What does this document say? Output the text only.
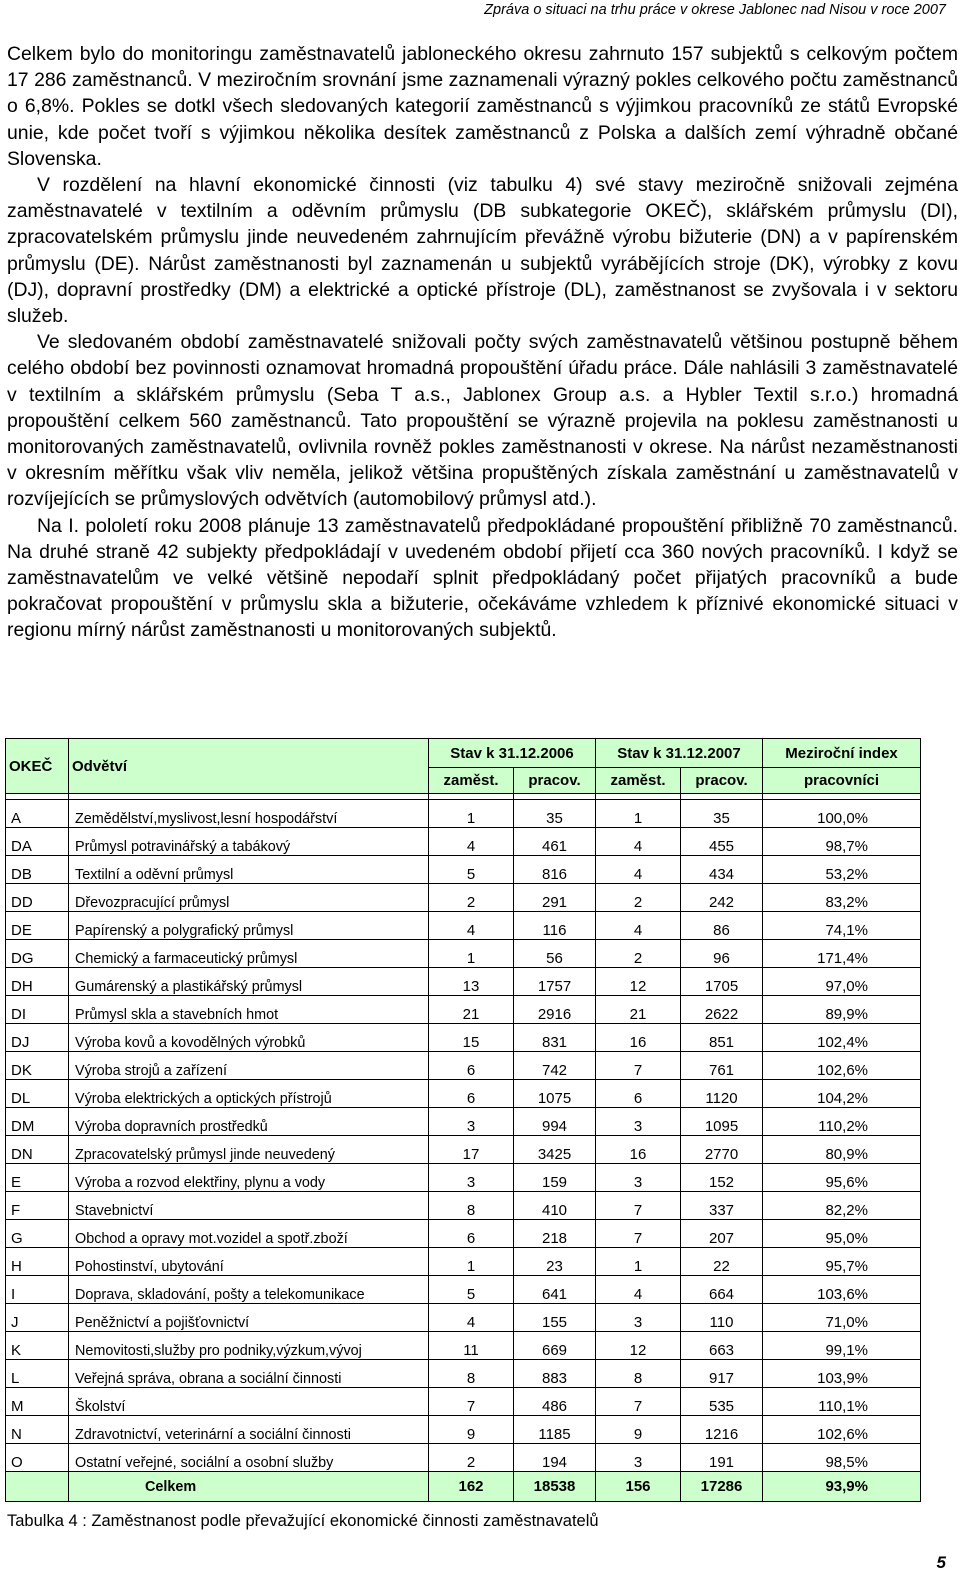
Zpráva o situaci na trhu práce v okrese Jablonec nad Nisou v roce 2007

Celkem bylo do monitoringu zaměstnavatelů jabloneckého okresu zahrnuto 157 subjektů s celkovým počtem 17 286 zaměstnanců. V meziročním srovnání jsme zaznamenali výrazný pokles celkového počtu zaměstnanců o 6,8%. Pokles se dotkl všech sledovaných kategorií zaměstnanců s výjimkou pracovníků ze států Evropské unie, kde počet tvoří s výjimkou několika desítek zaměstnanců z Polska a dalších zemí výhradně občané Slovenska.

V rozdělení na hlavní ekonomické činnosti (viz tabulku 4) své stavy meziročně snižovali zejména zaměstnavatelé v textilním a oděvním průmyslu (DB subkategorie OKEČ), sklářském průmyslu (DI), zpracovatelském průmyslu jinde neuvedeném zahrnujícím převážně výrobu bižuterie (DN) a v papírenském průmyslu (DE). Nárůst zaměstnanosti byl zaznamenán u subjektů vyrábějících stroje (DK), výrobky z kovu (DJ), dopravní prostředky (DM) a elektrické a optické přístroje (DL), zaměstnanost se zvyšovala i v sektoru služeb.

Ve sledovaném období zaměstnavatelé snižovali počty svých zaměstnavatelů většinou postupně během celého období bez povinnosti oznamovat hromadná propouštění úřadu práce. Dále nahlásili 3 zaměstnavatelé v textilním a sklářském průmyslu (Seba T a.s., Jablonex Group a.s. a Hybler Textil s.r.o.) hromadná propouštění celkem 560 zaměstnanců. Tato propouštění se výrazně projevila na poklesu zaměstnanosti u monitorovaných zaměstnavatelů, ovlivnila rovněž pokles zaměstnanosti v okrese. Na nárůst nezaměstnanosti v okresním měřítku však vliv neměla, jelikož většina propuštěných získala zaměstnání u zaměstnavatelů v rozvíjejících se průmyslových odvětvích (automobilový průmysl atd.).

Na I. pololetí roku 2008 plánuje 13 zaměstnavatelů předpokládané propouštění přibližně 70 zaměstnanců. Na druhé straně 42 subjekty předpokládají v uvedeném období přijetí cca 360 nových pracovníků. I když se zaměstnavatelům ve velké většině nepodaří splnit předpokládaný počet přijatých pracovníků a bude pokračovat propouštění v průmyslu skla a bižuterie, očekáváme vzhledem k příznivé ekonomické situaci v regionu mírný nárůst zaměstnanosti u monitorovaných subjektů.

OKEČ	Odvětví	Stav k 31.12.2006		Stav k 31.12.2007		Meziroční index
		zaměst.	pracov.	zaměst.	pracov.	pracovníci

A	Zemědělství,myslivost,lesní hospodářství	1	35	1	35	100,0%
DA	Průmysl potravinářský a tabákový	4	461	4	455	98,7%
DB	Textilní a oděvní průmysl	5	816	4	434	53,2%
DD	Dřevozpracující průmysl	2	291	2	242	83,2%
DE	Papírenský a polygrafický průmysl	4	116	4	86	74,1%
DG	Chemický a farmaceutický průmysl	1	56	2	96	171,4%
DH	Gumárenský a plastikářský průmysl	13	1757	12	1705	97,0%
DI	Průmysl skla a stavebních hmot	21	2916	21	2622	89,9%
DJ	Výroba kovů a kovodělných výrobků	15	831	16	851	102,4%
DK	Výroba strojů a zařízení	6	742	7	761	102,6%
DL	Výroba elektrických a optických přístrojů	6	1075	6	1120	104,2%
DM	Výroba dopravních prostředků	3	994	3	1095	110,2%
DN	Zpracovatelský průmysl jinde neuvedený	17	3425	16	2770	80,9%
E	Výroba a rozvod elektřiny, plynu a vody	3	159	3	152	95,6%
F	Stavebnictví	8	410	7	337	82,2%
G	Obchod a opravy mot.vozidel a spotř.zboží	6	218	7	207	95,0%
H	Pohostinství, ubytování	1	23	1	22	95,7%
I	Doprava, skladování, pošty a telekomunikace	5	641	4	664	103,6%
J	Peněžnictví a pojišťovnictví	4	155	3	110	71,0%
K	Nemovitosti,služby pro podniky,výzkum,vývoj	11	669	12	663	99,1%
L	Veřejná správa, obrana a sociální činnosti	8	883	8	917	103,9%
M	Školství	7	486	7	535	110,1%
N	Zdravotnictví, veterinární a sociální činnosti	9	1185	9	1216	102,6%
O	Ostatní veřejné, sociální a osobní služby	2	194	3	191	98,5%
	Celkem	162	18538	156	17286	93,9%
Tabulka 4 : Zaměstnanost podle převažující ekonomické činnosti zaměstnavatelů
5
